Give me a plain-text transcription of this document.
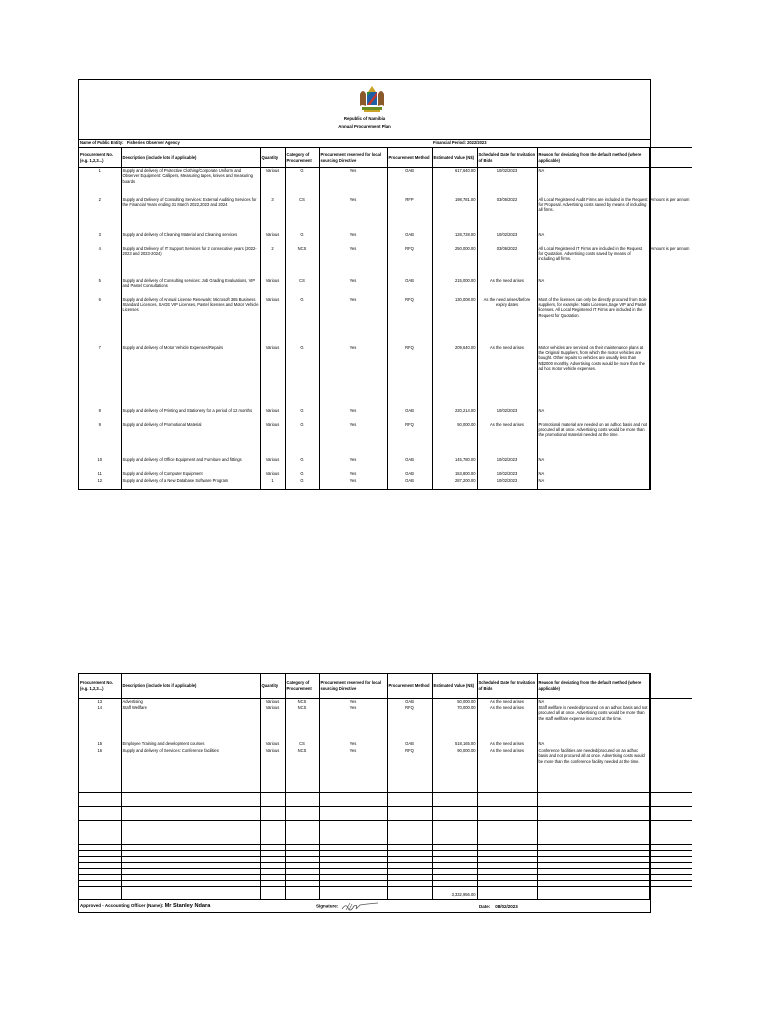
Republic of Namibia
Annual Procurement Plan
Name of Public Entity: Fisheries Observer Agency						Financial Period: 2022/2023			
Procurement No. (e.g. 1,2,3...)	Description (include lots if applicable)	Quantity	Category of Procurement	Procurement reserved for local sourcing Directive	Procurement Method	Estimated Value (N$)	Scheduled Date for Invitation of Bids	Reason for deviating from the default method (where applicable)	
1	Supply and delivery of Protective Clothing/Corporate Uniform and Observer Equipment: Callipers, Measuring tapes, knives and measuring boards	Various	G	Yes	OAB	617,640.00	10/02/2023	NA	
2	Supply and Delivery of Consulting Services: External Auditing Services for the Financial Years ending 31 March 2022,2023 and 2024	3	CS	Yes	RFP	198,781.00	03/06/2022	All Local Registered Audit Firms are included in the Request for Proposal. Advertising costs saved by means of including all firms.	Amount is per annum
3	Supply and delivery of Cleaning Material and Cleaning services	Various	G	Yes	OAB	128,728.00	10/02/2023	NA	
4	Supply and Delivery of IT Support Services for 2 consecutive years (2022-2023 and 2023-2024)	2	NCS	Yes	RFQ	250,000.00	03/06/2022	All Local Registered IT Firms are included in the Request for Quotation. Advertising costs saved by means of including all firms.	Amount is per annum
5	Supply and delivery of Consulting services: Job Grading Evaluations, VIP and Pastel Consultations	Various	CS	Yes	OAB	215,000.00	As the need arises	NA	
6	Supply and delivery of Annual License Renewals: Microsoft 365 Business Standard Licences, SAGE VIP Licenses, Pastel licenses and Motor Vehicle Licenses	Various	G	Yes	RFQ	130,008.00	As the need arises/before expiry dates	Most of the licenses can only be directly procured from Sole suppliers, for example: Natis Licenses,Sage VIP and Pastel licenses. All Local Registered IT Firms are included in the Request for Quotation.	
7	Supply and delivery of Motor Vehicle Expenses/Repairs	Various	G	Yes	RFQ	209,640.00	As the need arises	Motor vehicles are serviced on their maintenance plans at the Original Suppliers, from which the motor vehicles are bought. Other repairs to vehicles are usually less than N$2000 monthly. Advertising costs would be more than the ad hoc motor vehicle expenses.	
8	Supply and delivery of Printing and Stationery for a period of 12 months	Various	G	Yes	OAB	220,214.00	10/02/2023	NA	
9	Supply and delivery of Promotional Material	Various	G	Yes	RFQ	50,000.00	As the need arises	Promotional material are needed on an adhoc basis and not procured all at once. Advertising costs would be more than the promotional material needed at the time.	
10	Supply and delivery of Office Equipment and Furniture and fittings	Various	G	Yes	OAB	145,780.00	10/02/2023	NA	
11	Supply and delivery of Computer Equipment	Various	G	Yes	OAB	153,800.00	10/02/2023	NA	
12	Supply and delivery of a New Database Software Program	1	G	Yes	OAB	287,200.00	10/02/2023	NA	
Procurement No. (e.g. 1,2,3...)	Description (include lots if applicable)	Quantity	Category of Procurement	Procurement reserved for local sourcing Directive	Procurement Method	Estimated Value (N$)	Scheduled Date for Invitation of Bids	Reason for deviating from the default method (where applicable)	
13	Advertising	Various	NCS	Yes	OAB	50,000.00	As the need arises	NA	
14	Staff Wellfare	Various	NCS	Yes	RFQ	70,000.00	As the need arises	Staff wellfare is needed/procured on an adhoc basis and not procured all at once. Advertising costs would be more than the staff wellfare expense incurred at the time.	
15	Employee Training and development courses	Various	CS	Yes	OAB	518,165.00	As the need arises	NA	
16	Supply and delivery of Services: Conference facilities	Various	NCS	Yes	RFQ	90,000.00	As the need arises	Conference facilities are needed/procured on an adhoc basis and not procured all at once. Advertising costs would be more than the conference facility needed at the time.	

						3,332,956.00			
Approved - Accounting Officer (Name): Mr Stanley Ndara	Signature:	Date: 08/02/2023
